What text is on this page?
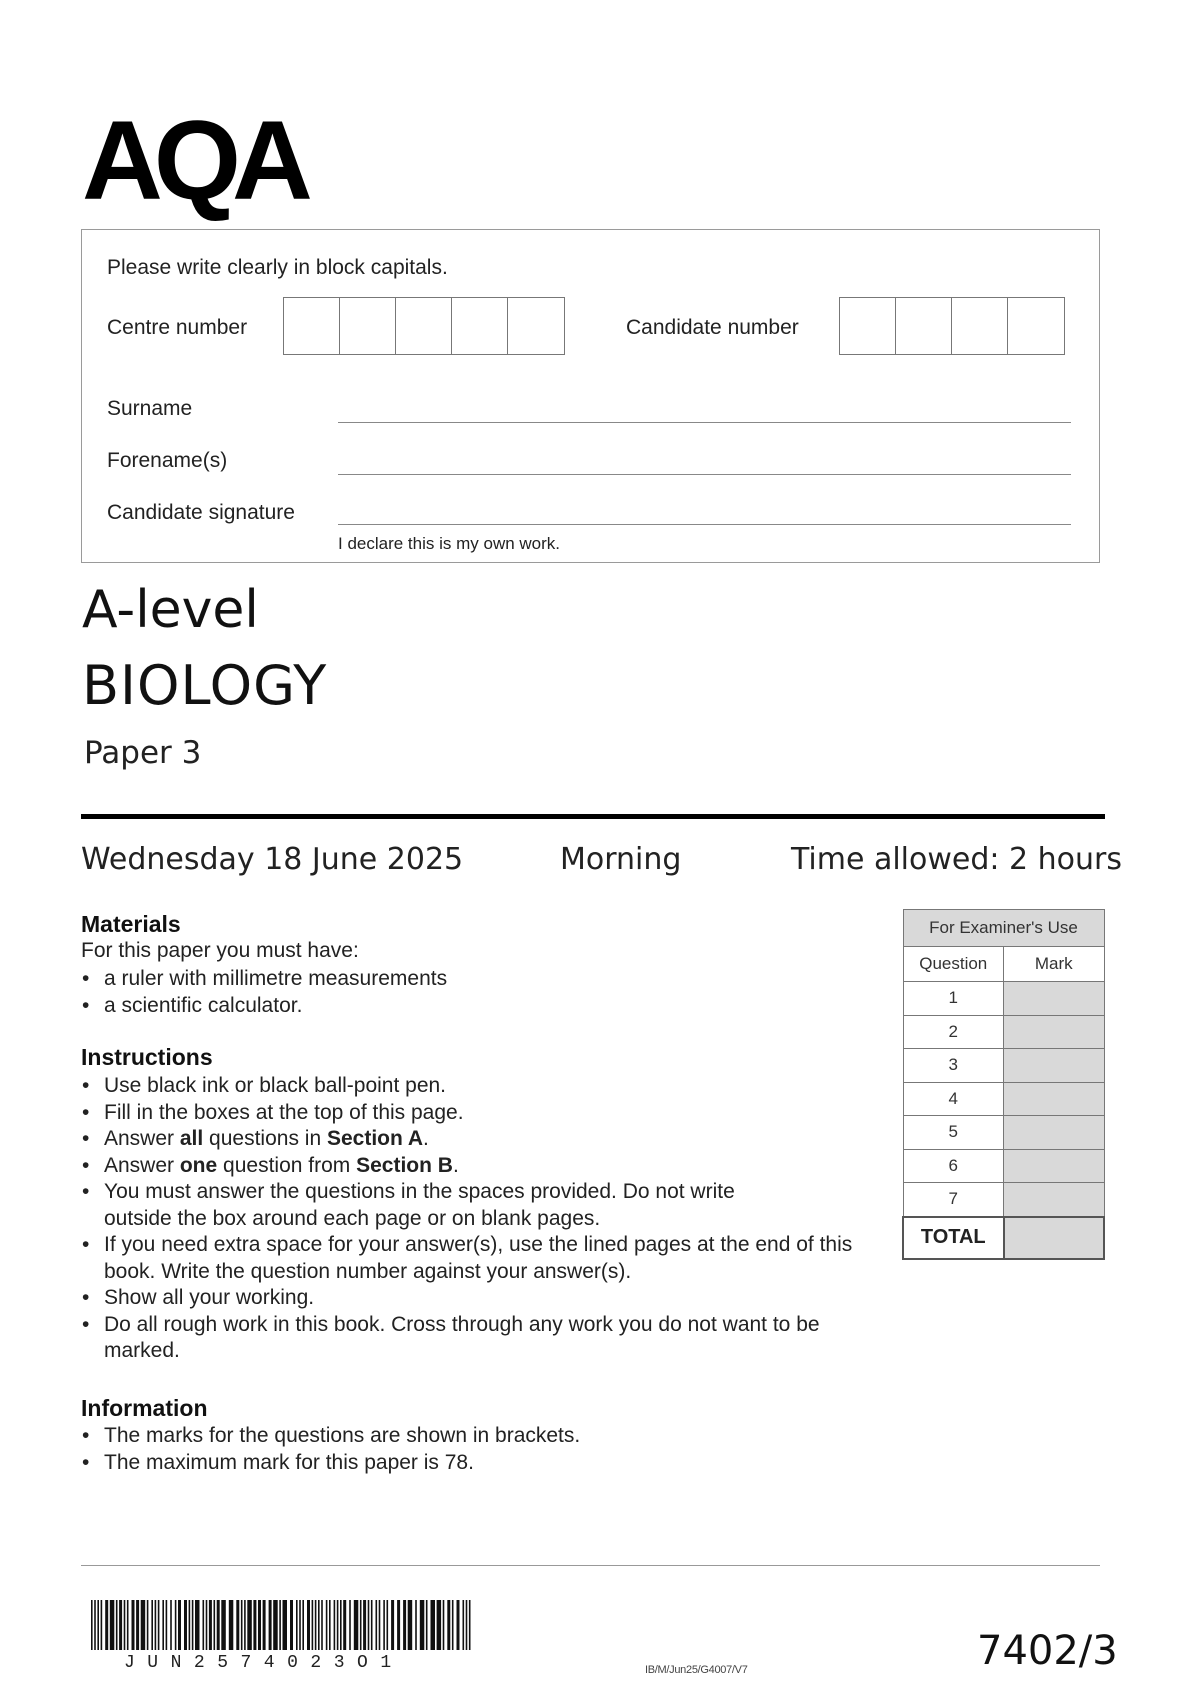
AQA
Please write clearly in block capitals.
Centre number	Candidate number
Surname
Forename(s)
Candidate signature
I declare this is my own work.
A-level
BIOLOGY
Paper 3
Wednesday 18 June 2025	Morning	Time allowed: 2 hours
Materials
For this paper you must have:
• a ruler with millimetre measurements
• a scientific calculator.
Instructions
• Use black ink or black ball-point pen.
• Fill in the boxes at the top of this page.
• Answer all questions in Section A.
• Answer one question from Section B.
• You must answer the questions in the spaces provided. Do not write outside the box around each page or on blank pages.
• If you need extra space for your answer(s), use the lined pages at the end of this book. Write the question number against your answer(s).
• Show all your working.
• Do all rough work in this book. Cross through any work you do not want to be marked.
Information
• The marks for the questions are shown in brackets.
• The maximum mark for this paper is 78.
For Examiner's Use	
Question	Mark
1	
2	
3	
4	
5	
6	
7	
TOTAL	
JUN2574023O1	IB/M/Jun25/G4007/V7	7402/3
